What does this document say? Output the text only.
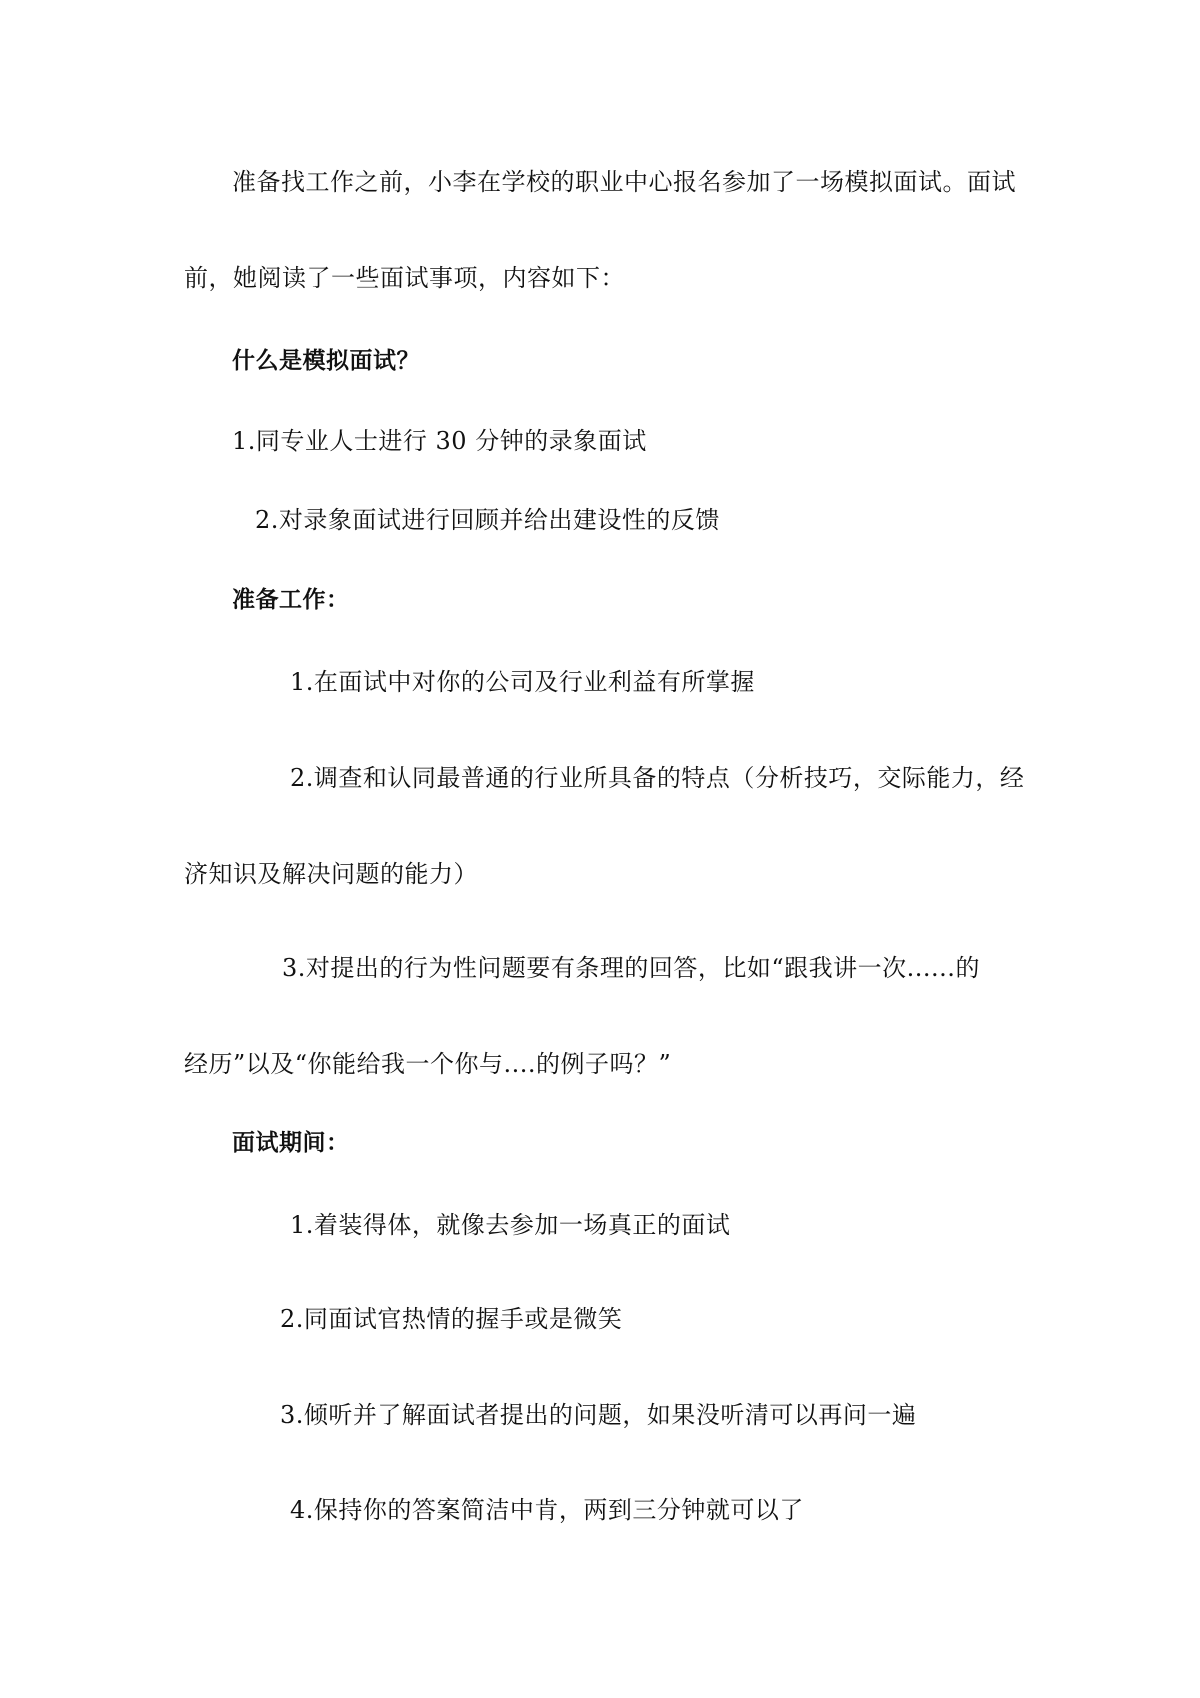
准备找工作之前，小李在学校的职业中心报名参加了一场模拟面试。面试
前，她阅读了一些面试事项，内容如下：
什么是模拟面试？
1.同专业人士进行 30 分钟的录象面试
2.对录象面试进行回顾并给出建设性的反馈
准备工作：
1.在面试中对你的公司及行业利益有所掌握
2.调查和认同最普通的行业所具备的特点（分析技巧，交际能力，经
济知识及解决问题的能力）
3.对提出的行为性问题要有条理的回答，比如“跟我讲一次......的
经历”以及“你能给我一个你与....的例子吗？”
面试期间：
1.着装得体，就像去参加一场真正的面试
2.同面试官热情的握手或是微笑
3.倾听并了解面试者提出的问题，如果没听清可以再问一遍
4.保持你的答案简洁中肯，两到三分钟就可以了
